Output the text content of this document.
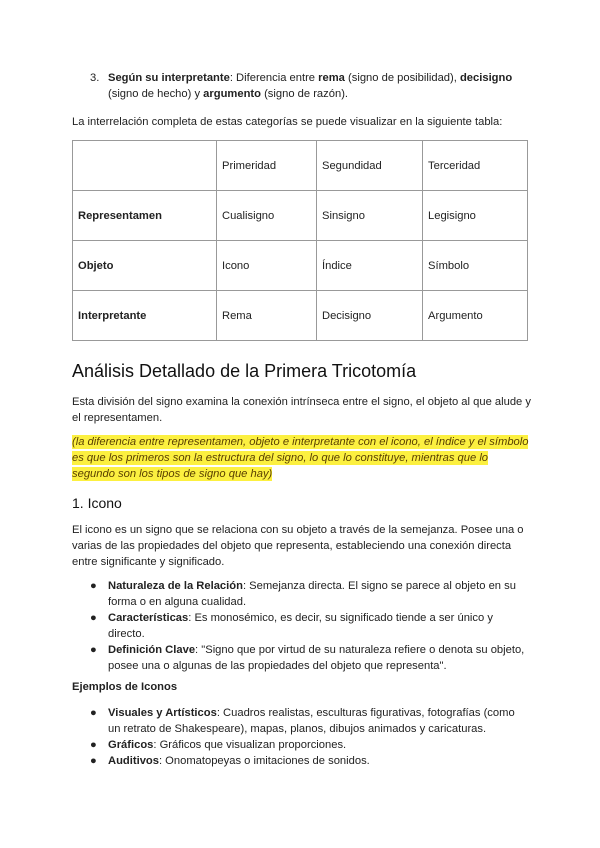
3. Según su interpretante: Diferencia entre rema (signo de posibilidad), decisigno (signo de hecho) y argumento (signo de razón).
La interrelación completa de estas categorías se puede visualizar en la siguiente tabla:
	Primeridad	Segundidad	Terceridad
Representamen	Cualisigno	Sinsigno	Legisigno
Objeto	Icono	Índice	Símbolo
Interpretante	Rema	Decisigno	Argumento
Análisis Detallado de la Primera Tricotomía
Esta división del signo examina la conexión intrínseca entre el signo, el objeto al que alude y el representamen.
(la diferencia entre representamen, objeto e interpretante con el icono, el índice y el símbolo es que los primeros son la estructura del signo, lo que lo constituye, mientras que lo segundo son los tipos de signo que hay)
1. Icono
El icono es un signo que se relaciona con su objeto a través de la semejanza. Posee una o varias de las propiedades del objeto que representa, estableciendo una conexión directa entre significante y significado.
● Naturaleza de la Relación: Semejanza directa. El signo se parece al objeto en su forma o en alguna cualidad.
● Características: Es monosémico, es decir, su significado tiende a ser único y directo.
● Definición Clave: "Signo que por virtud de su naturaleza refiere o denota su objeto, posee una o algunas de las propiedades del objeto que representa".
Ejemplos de Iconos
● Visuales y Artísticos: Cuadros realistas, esculturas figurativas, fotografías (como un retrato de Shakespeare), mapas, planos, dibujos animados y caricaturas.
● Gráficos: Gráficos que visualizan proporciones.
● Auditivos: Onomatopeyas o imitaciones de sonidos.
